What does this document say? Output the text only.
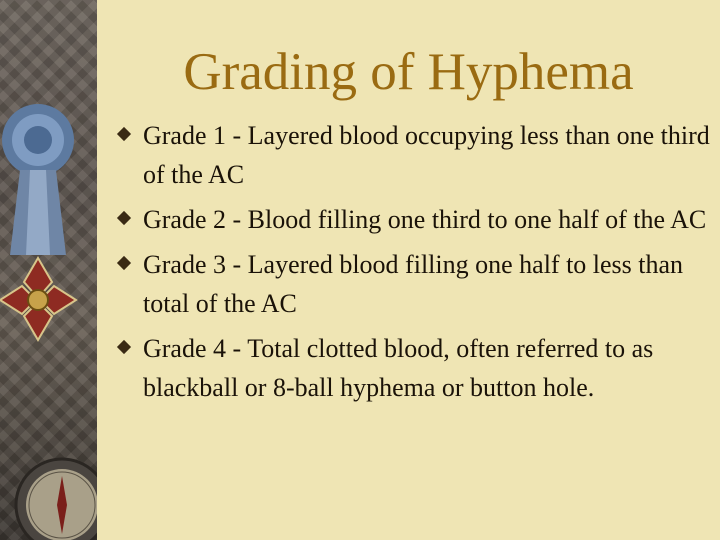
Grading of Hyphema
Grade 1 - Layered blood occupying less than one third of the AC
Grade 2 - Blood filling one third to one half of the AC
Grade 3 - Layered blood filling one half to less than total of the AC
Grade 4 - Total clotted blood, often referred to as blackball or 8-ball hyphema or button hole.
